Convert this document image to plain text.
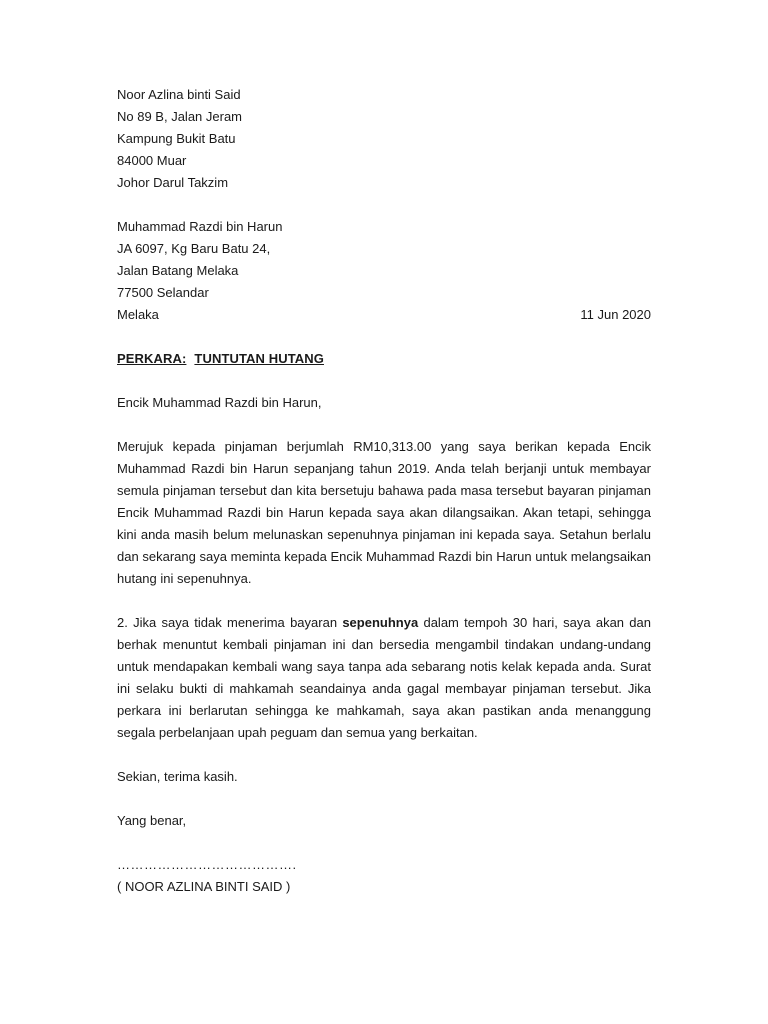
Noor Azlina binti Said
No 89 B, Jalan Jeram
Kampung Bukit Batu
84000 Muar
Johor Darul Takzim
Muhammad Razdi bin Harun
JA 6097, Kg Baru Batu 24,
Jalan Batang Melaka
77500 Selandar
Melaka	11 Jun 2020
PERKARA: TUNTUTAN HUTANG
Encik Muhammad Razdi bin Harun,

Merujuk kepada pinjaman berjumlah RM10,313.00 yang saya berikan kepada Encik Muhammad Razdi bin Harun sepanjang tahun 2019. Anda telah berjanji untuk membayar semula pinjaman tersebut dan kita bersetuju bahawa pada masa tersebut bayaran pinjaman Encik Muhammad Razdi bin Harun kepada saya akan dilangsaikan. Akan tetapi, sehingga kini anda masih belum melunaskan sepenuhnya pinjaman ini kepada saya. Setahun berlalu dan sekarang saya meminta kepada Encik Muhammad Razdi bin Harun untuk melangsaikan hutang ini sepenuhnya.

2. Jika saya tidak menerima bayaran sepenuhnya dalam tempoh 30 hari, saya akan dan berhak menuntut kembali pinjaman ini dan bersedia mengambil tindakan undang-undang untuk mendapakan kembali wang saya tanpa ada sebarang notis kelak kepada anda. Surat ini selaku bukti di mahkamah seandainya anda gagal membayar pinjaman tersebut. Jika perkara ini berlarutan sehingga ke mahkamah, saya akan pastikan anda menanggung segala perbelanjaan upah peguam dan semua yang berkaitan.

Sekian, terima kasih.
Yang benar,
………………………………….
( NOOR AZLINA BINTI SAID )
